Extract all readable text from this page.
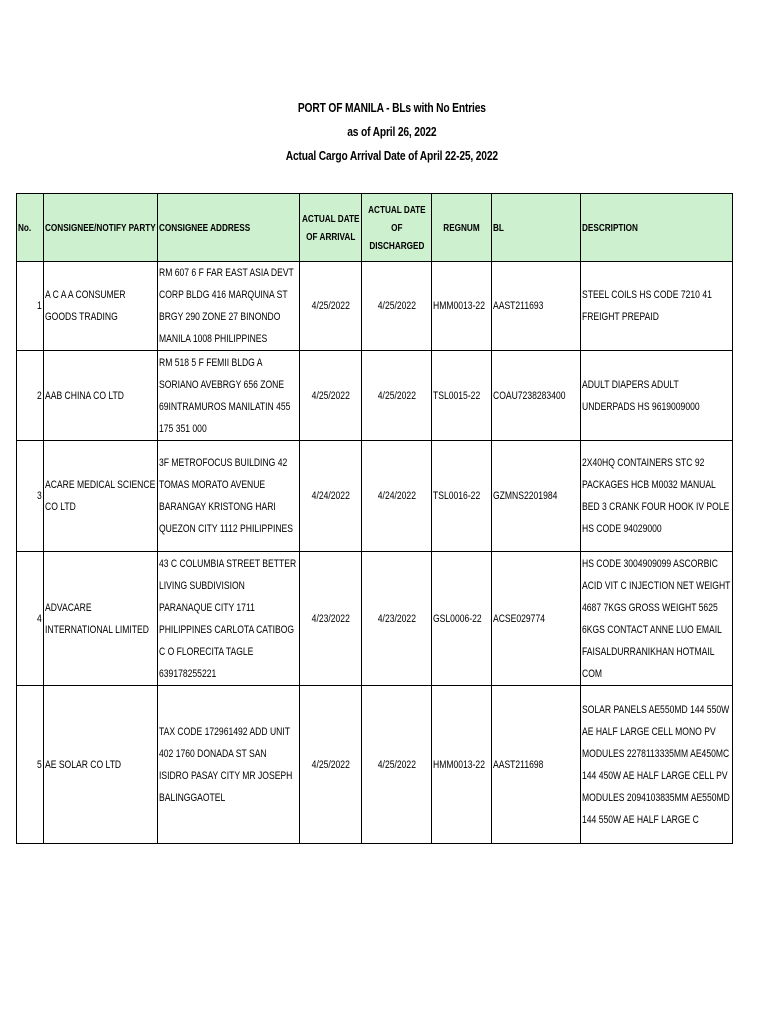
PORT OF MANILA - BLs with No Entries
as of April 26, 2022
Actual Cargo Arrival Date of April 22-25, 2022
No.	CONSIGNEE/NOTIFY PARTY	CONSIGNEE ADDRESS	ACTUAL DATE OF ARRIVAL	ACTUAL DATE OF DISCHARGED	REGNUM	BL	DESCRIPTION
1	A C A A CONSUMER GOODS TRADING	RM 607 6 F FAR EAST ASIA DEVT CORP BLDG 416 MARQUINA ST BRGY 290 ZONE 27 BINONDO MANILA 1008 PHILIPPINES	4/25/2022	4/25/2022	HMM0013-22	AAST211693	STEEL COILS HS CODE 7210 41 FREIGHT PREPAID
2	AAB CHINA CO LTD	RM 518 5 F FEMII BLDG A SORIANO AVEBRGY 656 ZONE 69INTRAMUROS MANILATIN 455 175 351 000	4/25/2022	4/25/2022	TSL0015-22	COAU7238283400	ADULT DIAPERS ADULT UNDERPADS HS 9619009000
3	ACARE MEDICAL SCIENCE CO LTD	3F METROFOCUS BUILDING 42 TOMAS MORATO AVENUE BARANGAY KRISTONG HARI QUEZON CITY 1112 PHILIPPINES	4/24/2022	4/24/2022	TSL0016-22	GZMNS2201984	2X40HQ CONTAINERS STC 92 PACKAGES HCB M0032 MANUAL BED 3 CRANK FOUR HOOK IV POLE HS CODE 94029000
4	ADVACARE INTERNATIONAL LIMITED	43 C COLUMBIA STREET BETTER LIVING SUBDIVISION PARANAQUE CITY 1711 PHILIPPINES CARLOTA CATIBOG C O FLORECITA TAGLE 639178255221	4/23/2022	4/23/2022	GSL0006-22	ACSE029774	HS CODE 3004909099 ASCORBIC ACID VIT C INJECTION NET WEIGHT 4687 7KGS GROSS WEIGHT 5625 6KGS CONTACT ANNE LUO EMAIL FAISALDURRANIKHAN HOTMAIL COM
5	AE SOLAR CO LTD	TAX CODE 172961492 ADD UNIT 402 1760 DONADA ST SAN ISIDRO PASAY CITY MR JOSEPH BALINGGAOTEL	4/25/2022	4/25/2022	HMM0013-22	AAST211698	SOLAR PANELS AE550MD 144 550W AE HALF LARGE CELL MONO PV MODULES 2278113335MM AE450MC 144 450W AE HALF LARGE CELL PV MODULES 2094103835MM AE550MD 144 550W AE HALF LARGE C
